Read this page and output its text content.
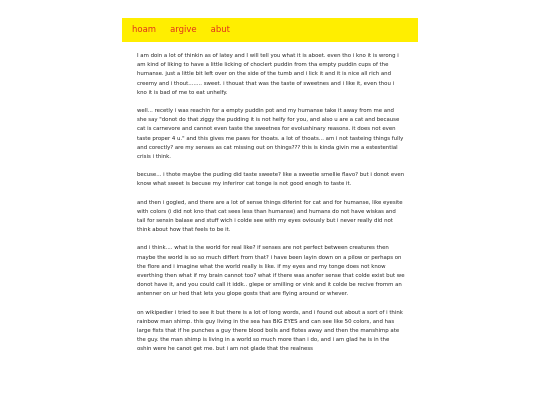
hoam argive abut

I am doin a lot of thinkin as of latey and I will tell you what it is aboet. even tho i kno it is wrong i am kind of liking to have a little licking of choclert puddin from tha empty puddin cups of the humanse. just a little bit left over on the side of the tumb and i lick it and it is nice all rich and creemy and i thout........ sweet. i thouat that was the taste of sweetnes and i like it, even thou i kno it is bad of me to eat unhelfy.

well... recetly i was reachin for a empty puddin pot and my humanse take it away from me and she say "donot do that ziggy the pudding it is not helfy for you, and also u are a cat and because cat is carnevore and cannot even taste the sweetnes for evolushinary reasons. it does not even taste proper 4 u." and this gives me paws for thoats. a lot of thoats... am i not tasteing things fully and corectly? are my senses as cat missing out on things??? this is kinda givin me a estestential crisis i think.

becuse... i thote maybe the puding did taste sweete? like a sweetie smellie flavo? but i donot even know what sweet is becuse my inferiror cat tonge is not good enogh to taste it.

and then i gogled, and there are a lot of sense things diferint for cat and for humanse, like eyesite with colors (i did not kno that cat sees less than humanse) and humans do not have wiskas and tail for sensin balase and stuff wich i colde see with my eyes oviously but i never really did not think about how that feels to be it.

and i think.... what is the world for real like? if senses are not perfect between creatures then maybe the world is so so much differt from that? i have been layin down on a pilow or perhaps on the flore and i imagine what the world really is like. if my eyes and my tonge does not know everthing then what if my brain cannot too? what if there was anofer sense that colde exist but we donot have it, and you could call it iddk.. glepe or smilling or vink and it colde be recive fromm an antenner on ur hed that lets you glope gosts that are flying around or whever.

on wikipedier i tried to see it but there is a lot of long words, and i found out about a sort of i think rainbow man shimp. this guy living in the sea has BIG EYES and can see like 50 colors, and has large fists that if he punches a guy there blood boils and flotes away and then the manshimp ate the guy. the man shimp is living in a world so much more than i do, and i am glad he is in the oshin were he canot get me. but i am not glade that the realness
